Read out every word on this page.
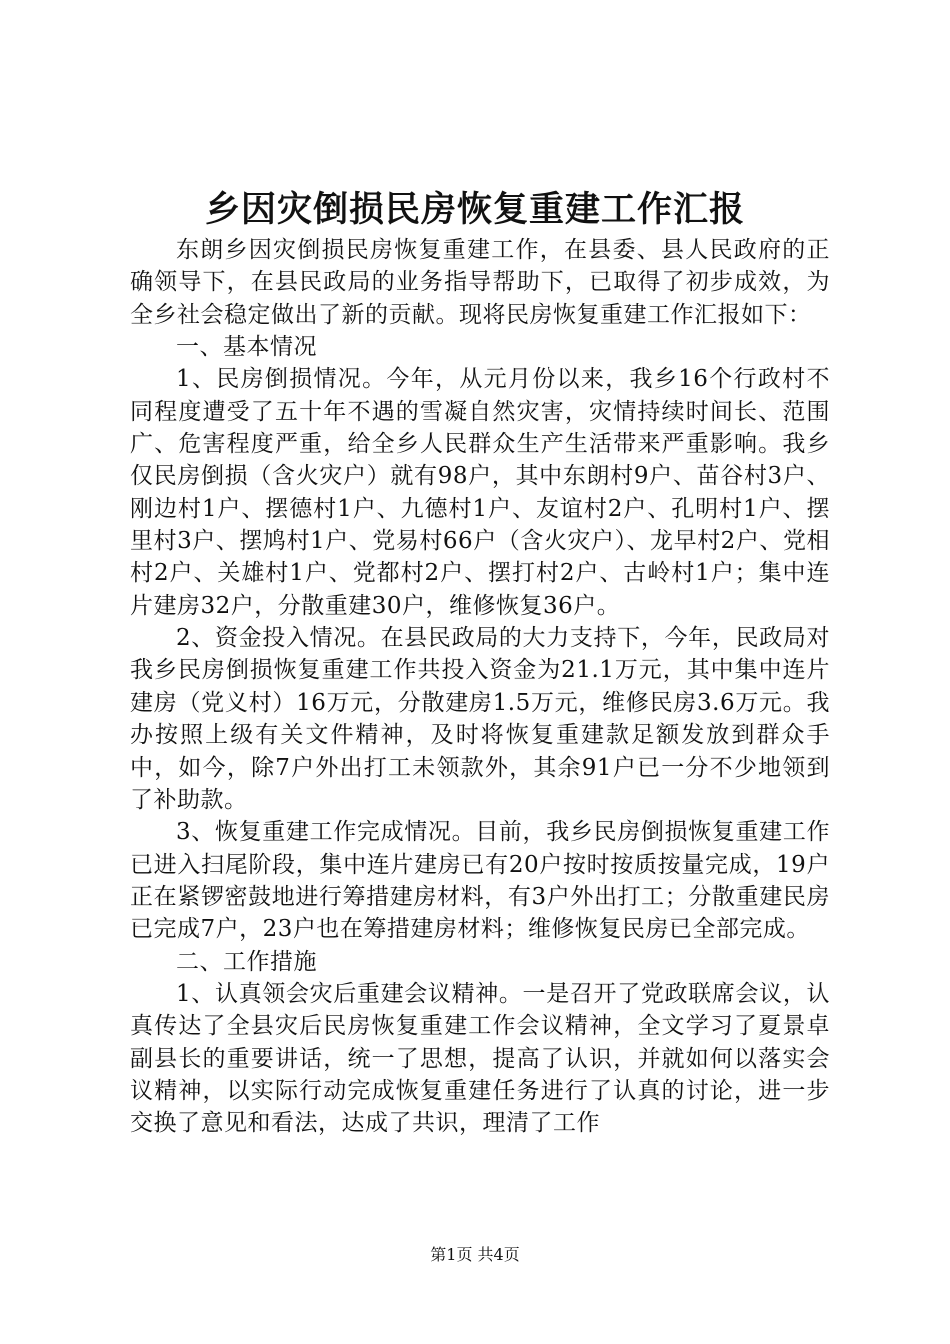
乡因灾倒损民房恢复重建工作汇报

东朗乡因灾倒损民房恢复重建工作，在县委、县人民政府的正确领导下，在县民政局的业务指导帮助下，已取得了初步成效，为全乡社会稳定做出了新的贡献。现将民房恢复重建工作汇报如下：

一、基本情况

1、民房倒损情况。今年，从元月份以来，我乡16个行政村不同程度遭受了五十年不遇的雪凝自然灾害，灾情持续时间长、范围广、危害程度严重，给全乡人民群众生产生活带来严重影响。我乡仅民房倒损（含火灾户）就有98户，其中东朗村9户、苗谷村3户、刚边村1户、摆德村1户、九德村1户、友谊村2户、孔明村1户、摆里村3户、摆鸠村1户、党易村66户（含火灾户）、龙早村2户、党相村2户、关雄村1户、党都村2户、摆打村2户、古岭村1户；集中连片建房32户，分散重建30户，维修恢复36户。

2、资金投入情况。在县民政局的大力支持下，今年，民政局对我乡民房倒损恢复重建工作共投入资金为21.1万元，其中集中连片建房（党义村）16万元，分散建房1.5万元，维修民房3.6万元。我办按照上级有关文件精神，及时将恢复重建款足额发放到群众手中，如今，除7户外出打工未领款外，其余91户已一分不少地领到了补助款。

3、恢复重建工作完成情况。目前，我乡民房倒损恢复重建工作已进入扫尾阶段，集中连片建房已有20户按时按质按量完成，19户正在紧锣密鼓地进行筹措建房材料，有3户外出打工；分散重建民房已完成7户，23户也在筹措建房材料；维修恢复民房已全部完成。

二、工作措施

1、认真领会灾后重建会议精神。一是召开了党政联席会议，认真传达了全县灾后民房恢复重建工作会议精神，全文学习了夏景卓副县长的重要讲话，统一了思想，提高了认识，并就如何以落实会议精神，以实际行动完成恢复重建任务进行了认真的讨论，进一步交换了意见和看法，达成了共识，理清了工作

第1页 共4页
